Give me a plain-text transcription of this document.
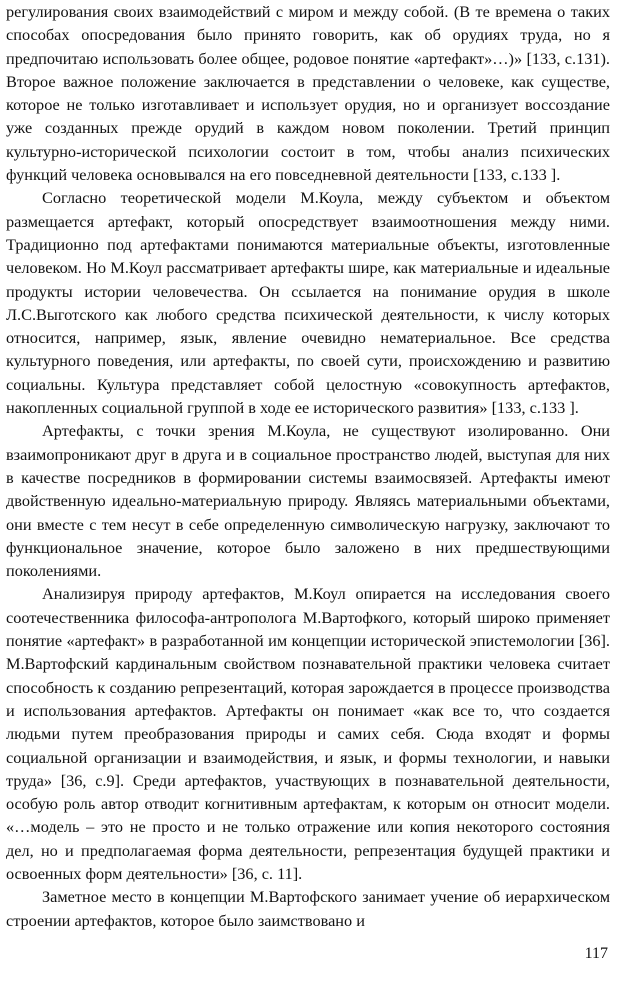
регулирования своих взаимодействий с миром и между собой. (В те времена о таких способах опосредования было принято говорить, как об орудиях труда, но я предпочитаю использовать более общее, родовое понятие «артефакт»…)» [133, с.131). Второе важное положение заключается в представлении о человеке, как существе, которое не только изготавливает и использует орудия, но и организует воссоздание уже созданных прежде орудий в каждом новом поколении. Третий принцип культурно-исторической психологии состоит в том, чтобы анализ психических функций человека основывался на его повседневной деятельности [133, с.133 ].

Согласно теоретической модели М.Коула, между субъектом и объектом размещается артефакт, который опосредствует взаимоотношения между ними. Традиционно под артефактами понимаются материальные объекты, изготовленные человеком. Но М.Коул рассматривает артефакты шире, как материальные и идеальные продукты истории человечества. Он ссылается на понимание орудия в школе Л.С.Выготского как любого средства психической деятельности, к числу которых относится, например, язык, явление очевидно нематериальное. Все средства культурного поведения, или артефакты, по своей сути, происхождению и развитию социальны. Культура представляет собой целостную «совокупность артефактов, накопленных социальной группой в ходе ее исторического развития» [133, с.133 ].

Артефакты, с точки зрения М.Коула, не существуют изолированно. Они взаимопроникают друг в друга и в социальное пространство людей, выступая для них в качестве посредников в формировании системы взаимосвязей. Артефакты имеют двойственную идеально-материальную природу. Являясь материальными объектами, они вместе с тем несут в себе определенную символическую нагрузку, заключают то функциональное значение, которое было заложено в них предшествующими поколениями.

Анализируя природу артефактов, М.Коул опирается на исследования своего соотечественника философа-антрополога М.Вартофкого, который широко применяет понятие «артефакт» в разработанной им концепции исторической эпистемологии [36]. М.Вартофский кардинальным свойством познавательной практики человека считает способность к созданию репрезентаций, которая зарождается в процессе производства и использования артефактов. Артефакты он понимает «как все то, что создается людьми путем преобразования природы и самих себя. Сюда входят и формы социальной организации и взаимодействия, и язык, и формы технологии, и навыки труда» [36, с.9]. Среди артефактов, участвующих в познавательной деятельности, особую роль автор отводит когнитивным артефактам, к которым он относит модели. «…модель – это не просто и не только отражение или копия некоторого состояния дел, но и предполагаемая форма деятельности, репрезентация будущей практики и освоенных форм деятельности» [36, с. 11].

Заметное место в концепции М.Вартофского занимает учение об иерархическом строении артефактов, которое было заимствовано и

117
